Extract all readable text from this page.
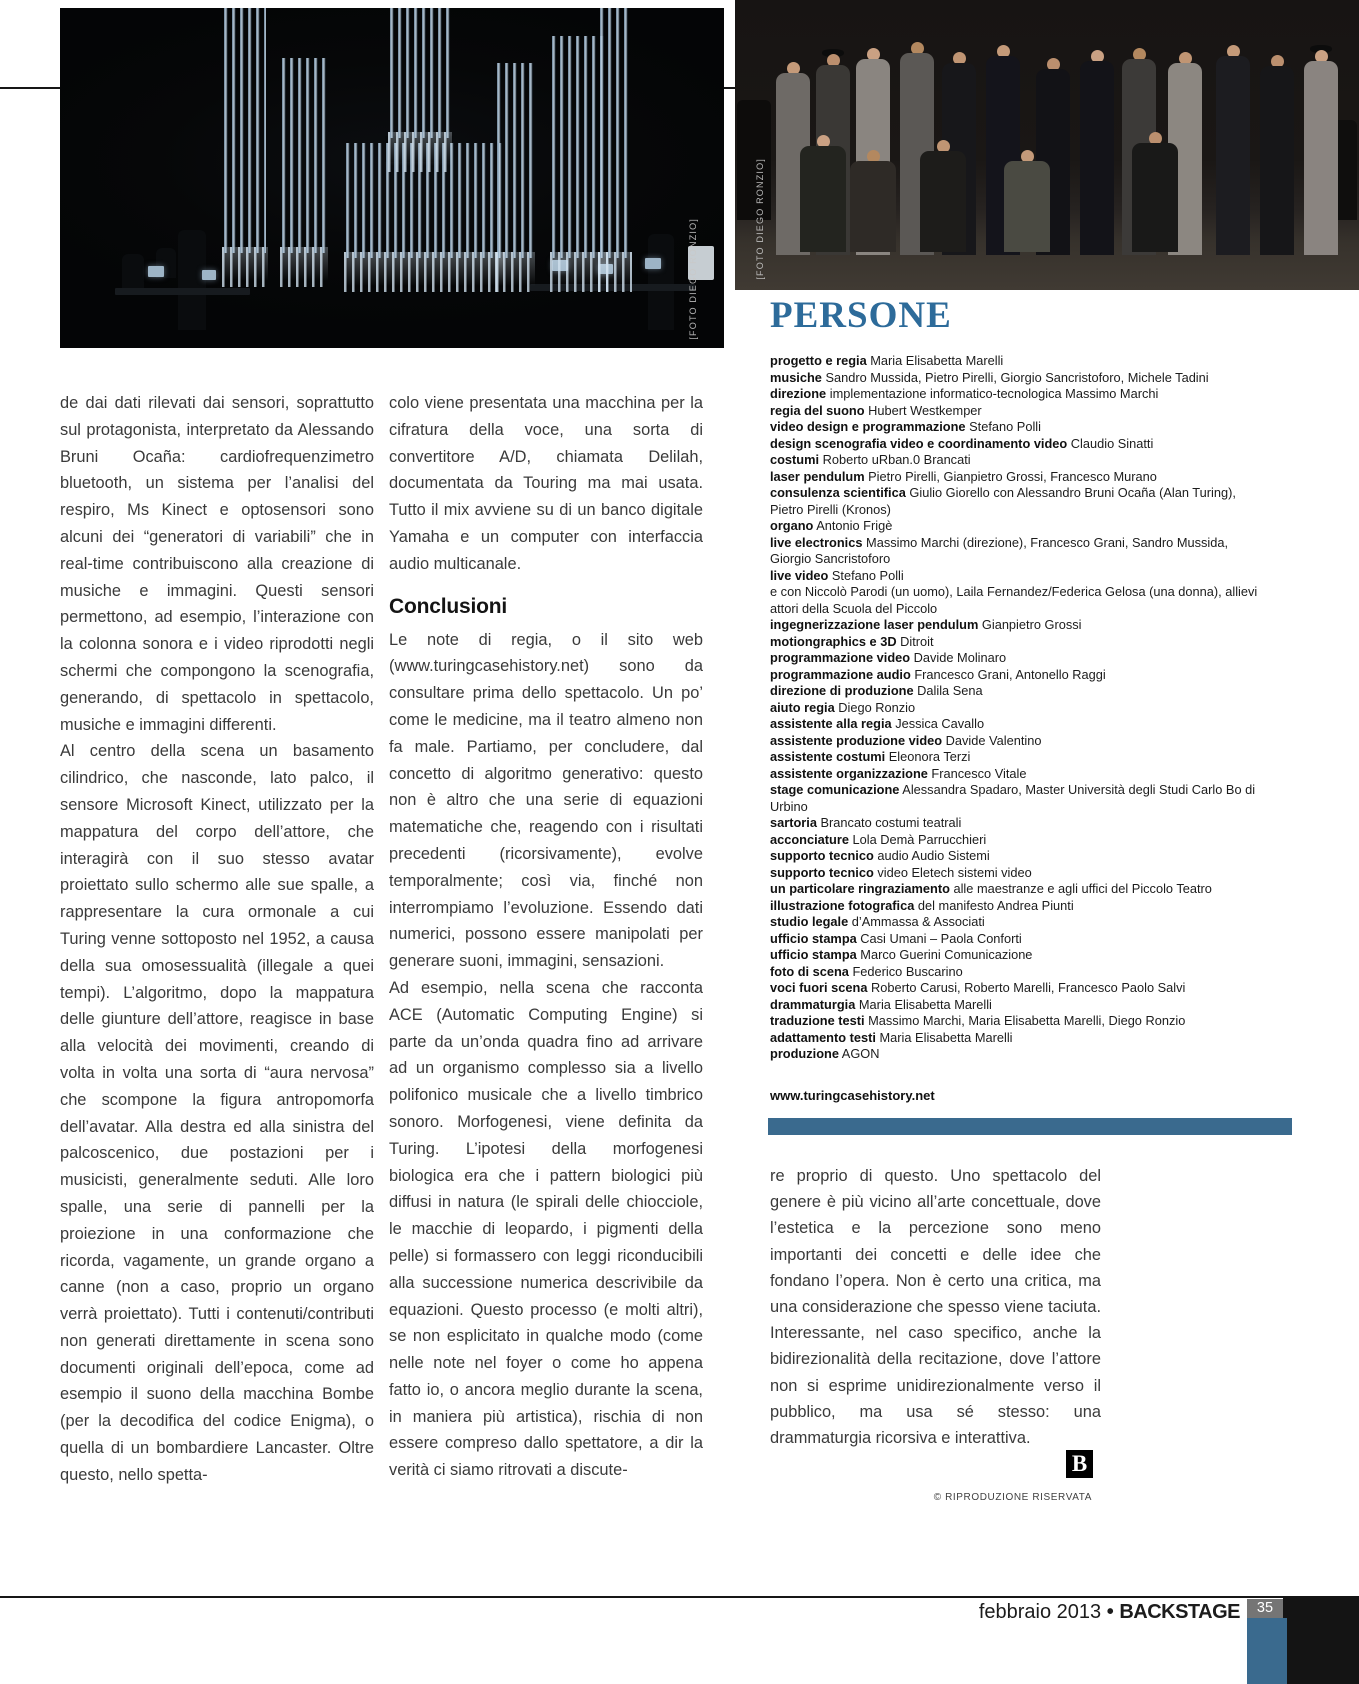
[FOTO DIEGO RONZIO]	[FOTO DIEGO RONZIO]

de dai dati rilevati dai sensori, soprattutto sul protagonista, interpretato da Alessando Bruni Ocaña: cardiofrequenzimetro bluetooth, un sistema per l’analisi del respiro, Ms Kinect e optosensori sono alcuni dei “generatori di variabili” che in real-time contribuiscono alla creazione di musiche e immagini. Questi sensori permettono, ad esempio, l’interazione con la colonna sonora e i video riprodotti negli schermi che compongono la scenografia, generando, di spettacolo in spettacolo, musiche e immagini differenti.

Al centro della scena un basamento cilindrico, che nasconde, lato palco, il sensore Microsoft Kinect, utilizzato per la mappatura del corpo dell’attore, che interagirà con il suo stesso avatar proiettato sullo schermo alle sue spalle, a rappresentare la cura ormonale a cui Turing venne sottoposto nel 1952, a causa della sua omosessualità (illegale a quei tempi). L’algoritmo, dopo la mappatura delle giunture dell’attore, reagisce in base alla velocità dei movimenti, creando di volta in volta una sorta di “aura nervosa” che scompone la figura antropomorfa dell’avatar. Alla destra ed alla sinistra del palcoscenico, due postazioni per i musicisti, generalmente seduti. Alle loro spalle, una serie di pannelli per la proiezione in una conformazione che ricorda, vagamente, un grande organo a canne (non a caso, proprio un organo verrà proiettato). Tutti i contenuti/contributi non generati direttamente in scena sono documenti originali dell’epoca, come ad esempio il suono della macchina Bombe (per la decodifica del codice Enigma), o quella di un bombardiere Lancaster. Oltre questo, nello spetta-

colo viene presentata una macchina per la cifratura della voce, una sorta di convertitore A/D, chiamata Delilah, documentata da Touring ma mai usata. Tutto il mix avviene su di un banco digitale Yamaha e un computer con interfaccia audio multicanale.

Conclusioni

Le note di regia, o il sito web (www.turingcasehistory.net) sono da consultare prima dello spettacolo. Un po’ come le medicine, ma il teatro almeno non fa male. Partiamo, per concludere, dal concetto di algoritmo generativo: questo non è altro che una serie di equazioni matematiche che, reagendo con i risultati precedenti (ricorsivamente), evolve temporalmente; così via, finché non interrompiamo l’evoluzione. Essendo dati numerici, possono essere manipolati per generare suoni, immagini, sensazioni.

Ad esempio, nella scena che racconta ACE (Automatic Computing Engine) si parte da un’onda quadra fino ad arrivare ad un organismo complesso sia a livello polifonico musicale che a livello timbrico sonoro. Morfogenesi, viene definita da Turing. L’ipotesi della morfogenesi biologica era che i pattern biologici più diffusi in natura (le spirali delle chiocciole, le macchie di leopardo, i pigmenti della pelle) si formassero con leggi riconducibili alla successione numerica descrivibile da equazioni. Questo processo (e molti altri), se non esplicitato in qualche modo (come nelle note nel foyer o come ho appena fatto io, o ancora meglio durante la scena, in maniera più artistica), rischia di non essere compreso dallo spettatore, a dir la verità ci siamo ritrovati a discute-

PERSONE
progetto e regia Maria Elisabetta Marelli
musiche Sandro Mussida, Pietro Pirelli, Giorgio Sancristoforo, Michele Tadini
direzione implementazione informatico-tecnologica Massimo Marchi
regia del suono Hubert Westkemper
video design e programmazione Stefano Polli
design scenografia video e coordinamento video Claudio Sinatti
costumi Roberto uRban.0 Brancati
laser pendulum Pietro Pirelli, Gianpietro Grossi, Francesco Murano
consulenza scientifica Giulio Giorello con Alessandro Bruni Ocaña (Alan Turing), Pietro Pirelli (Kronos)
organo Antonio Frigè
live electronics Massimo Marchi (direzione), Francesco Grani, Sandro Mussida, Giorgio Sancristoforo
live video Stefano Polli
e con Niccolò Parodi (un uomo), Laila Fernandez/Federica Gelosa (una donna), allievi attori della Scuola del Piccolo
ingegnerizzazione laser pendulum Gianpietro Grossi
motiongraphics e 3D Ditroit
programmazione video Davide Molinaro
programmazione audio Francesco Grani, Antonello Raggi
direzione di produzione Dalila Sena
aiuto regia Diego Ronzio
assistente alla regia Jessica Cavallo
assistente produzione video Davide Valentino
assistente costumi Eleonora Terzi
assistente organizzazione Francesco Vitale
stage comunicazione Alessandra Spadaro, Master Università degli Studi Carlo Bo di Urbino
sartoria Brancato costumi teatrali
acconciature Lola Demà Parrucchieri
supporto tecnico audio Audio Sistemi
supporto tecnico video Eletech sistemi video
un particolare ringraziamento alle maestranze e agli uffici del Piccolo Teatro
illustrazione fotografica del manifesto Andrea Piunti
studio legale d’Ammassa & Associati
ufficio stampa Casi Umani – Paola Conforti
ufficio stampa Marco Guerini Comunicazione
foto di scena Federico Buscarino
voci fuori scena Roberto Carusi, Roberto Marelli, Francesco Paolo Salvi
drammaturgia Maria Elisabetta Marelli
traduzione testi Massimo Marchi, Maria Elisabetta Marelli, Diego Ronzio
adattamento testi Maria Elisabetta Marelli
produzione AGON
www.turingcasehistory.net

re proprio di questo. Uno spettacolo del genere è più vicino all’arte concettuale, dove l’estetica e la percezione sono meno importanti dei concetti e delle idee che fondano l’opera. Non è certo una critica, ma una considerazione che spesso viene taciuta. Interessante, nel caso specifico, anche la bidirezionalità della recitazione, dove l’attore non si esprime unidirezionalmente verso il pubblico, ma usa sé stesso: una drammaturgia ricorsiva e interattiva.

B
© RIPRODUZIONE RISERVATA
febbraio 2013 • BACKSTAGE	35
